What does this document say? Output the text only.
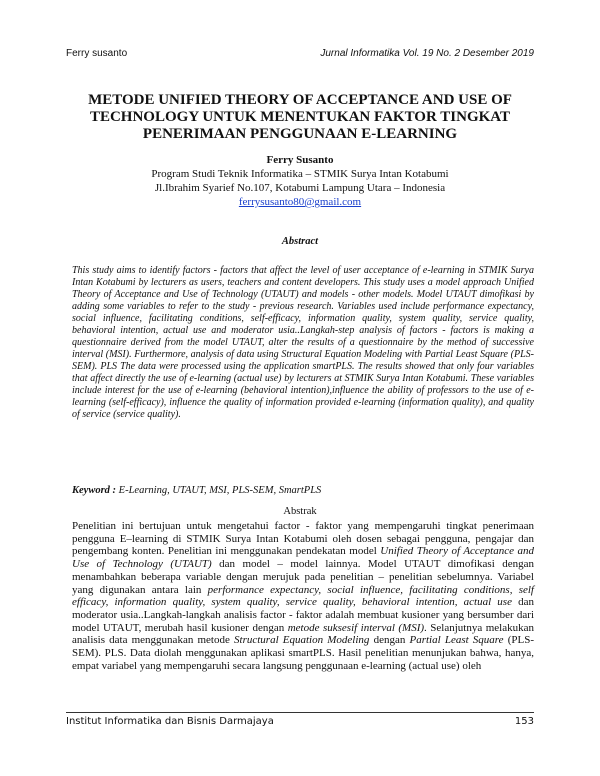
Ferry susanto	Jurnal Informatika Vol. 19 No. 2 Desember 2019
METODE UNIFIED THEORY OF ACCEPTANCE AND USE OF
TECHNOLOGY UNTUK MENENTUKAN FAKTOR TINGKAT
PENERIMAAN PENGGUNAAN E-LEARNING
Ferry Susanto
Program Studi Teknik Informatika – STMIK Surya Intan Kotabumi
Jl.Ibrahim Syarief No.107, Kotabumi Lampung Utara – Indonesia
ferrysusanto80@gmail.com
Abstract

This study aims to identify factors - factors that affect the level of user acceptance of e-learning in STMIK Surya Intan Kotabumi by lecturers as users, teachers and content developers. This study uses a model approach Unified Theory of Acceptance and Use of Technology (UTAUT) and models - other models. Model UTAUT dimofikasi by adding some variables to refer to the study - previous research. Variables used include performance expectancy, social influence, facilitating conditions, self-efficacy, information quality, system quality, service quality, behavioral intention, actual use and moderator usia..Langkah-step analysis of factors - factors is making a questionnaire derived from the model UTAUT, alter the results of a questionnaire by the method of successive interval (MSI). Furthermore, analysis of data using Structural Equation Modeling with Partial Least Square (PLS-SEM). PLS The data were processed using the application smartPLS. The results showed that only four variables that affect directly the use of e-learning (actual use) by lecturers at STMIK Surya Intan Kotabumi. These variables include interest for the use of e-learning (behavioral intention),influence the ability of professors to the use of e-learning (self-efficacy), influence the quality of information provided e-learning (information quality), and quality of service (service quality).

Keyword : E-Learning, UTAUT, MSI, PLS-SEM, SmartPLS
Abstrak

Penelitian ini bertujuan untuk mengetahui factor - faktor yang mempengaruhi tingkat penerimaan pengguna E–learning di STMIK Surya Intan Kotabumi oleh dosen sebagai pengguna, pengajar dan pengembang konten. Penelitian ini menggunakan pendekatan model Unified Theory of Acceptance and Use of Technology (UTAUT) dan model – model lainnya. Model UTAUT dimofikasi dengan menambahkan beberapa variable dengan merujuk pada penelitian – penelitian sebelumnya. Variabel yang digunakan antara lain performance expectancy, social influence, facilitating conditions, self efficacy, information quality, system quality, service quality, behavioral intention, actual use dan moderator usia..Langkah-langkah analisis factor - faktor adalah membuat kusioner yang bersumber dari model UTAUT, merubah hasil kusioner dengan metode suksesif interval (MSI). Selanjutnya melakukan analisis data menggunakan metode Structural Equation Modeling dengan Partial Least Square (PLS-SEM). PLS. Data diolah menggunakan aplikasi smartPLS. Hasil penelitian menunjukan bahwa, hanya, empat variabel yang mempengaruhi secara langsung penggunaan e-learning (actual use) oleh

Institut Informatika dan Bisnis Darmajaya	153
